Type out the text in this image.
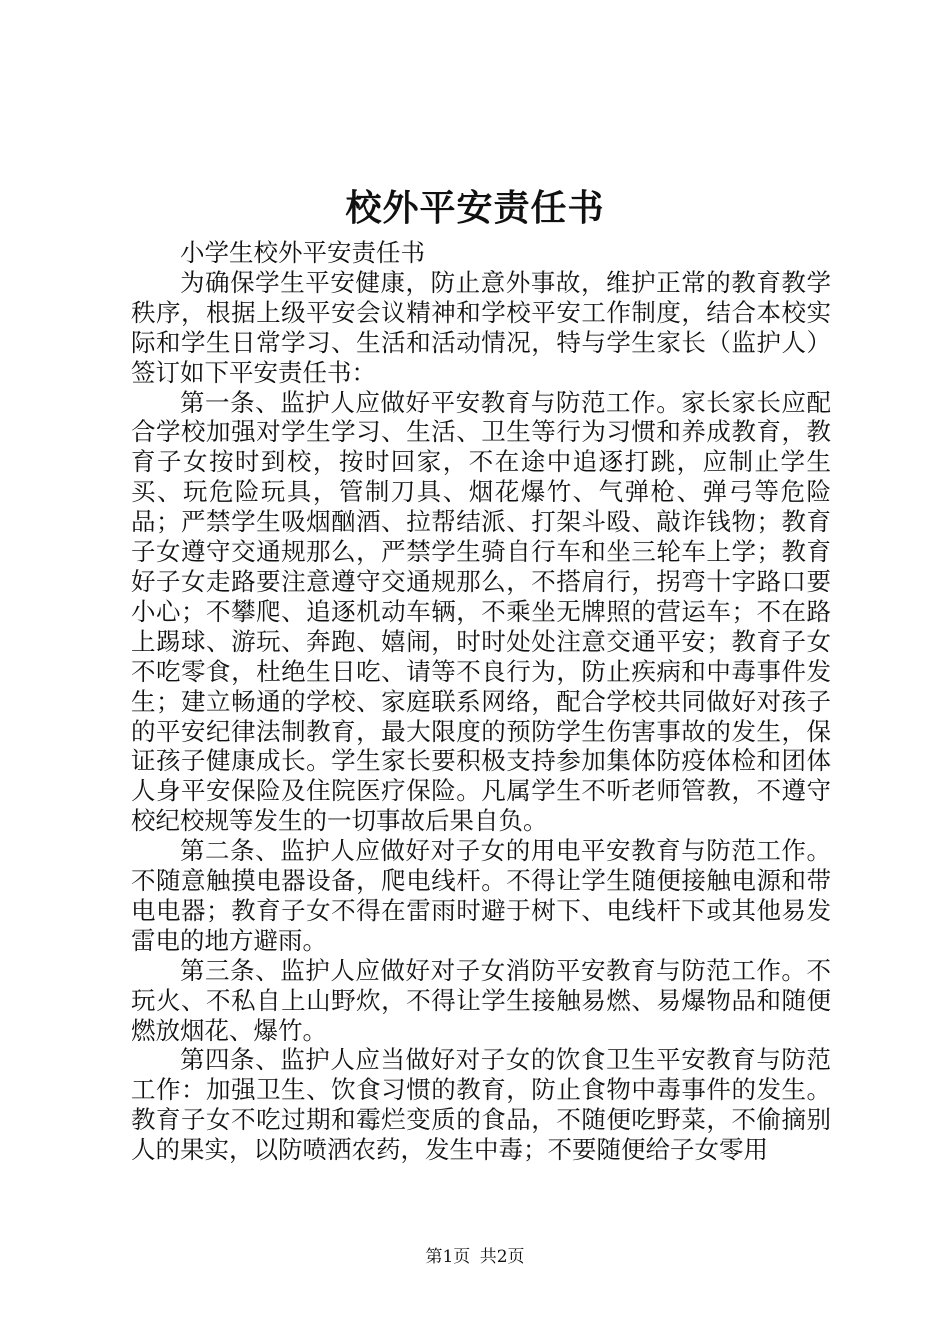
校外平安责任书

小学生校外平安责任书

为确保学生平安健康，防止意外事故，维护正常的教育教学秩序，根据上级平安会议精神和学校平安工作制度，结合本校实际和学生日常学习、生活和活动情况，特与学生家长（监护人）签订如下平安责任书：

第一条、监护人应做好平安教育与防范工作。家长家长应配合学校加强对学生学习、生活、卫生等行为习惯和养成教育，教育子女按时到校，按时回家，不在途中追逐打跳，应制止学生买、玩危险玩具，管制刀具、烟花爆竹、气弹枪、弹弓等危险品；严禁学生吸烟酗酒、拉帮结派、打架斗殴、敲诈钱物；教育子女遵守交通规那么，严禁学生骑自行车和坐三轮车上学；教育好子女走路要注意遵守交通规那么，不搭肩行，拐弯十字路口要小心；不攀爬、追逐机动车辆，不乘坐无牌照的营运车；不在路上踢球、游玩、奔跑、嬉闹，时时处处注意交通平安；教育子女不吃零食，杜绝生日吃、请等不良行为，防止疾病和中毒事件发生；建立畅通的学校、家庭联系网络，配合学校共同做好对孩子的平安纪律法制教育，最大限度的预防学生伤害事故的发生，保证孩子健康成长。学生家长要积极支持参加集体防疫体检和团体人身平安保险及住院医疗保险。凡属学生不听老师管教，不遵守校纪校规等发生的一切事故后果自负。

第二条、监护人应做好对子女的用电平安教育与防范工作。不随意触摸电器设备，爬电线杆。不得让学生随便接触电源和带电电器；教育子女不得在雷雨时避于树下、电线杆下或其他易发雷电的地方避雨。

第三条、监护人应做好对子女消防平安教育与防范工作。不玩火、不私自上山野炊，不得让学生接触易燃、易爆物品和随便燃放烟花、爆竹。

第四条、监护人应当做好对子女的饮食卫生平安教育与防范工作：加强卫生、饮食习惯的教育，防止食物中毒事件的发生。教育子女不吃过期和霉烂变质的食品，不随便吃野菜，不偷摘别人的果实，以防喷洒农药，发生中毒；不要随便给子女零用

第1页 共2页
